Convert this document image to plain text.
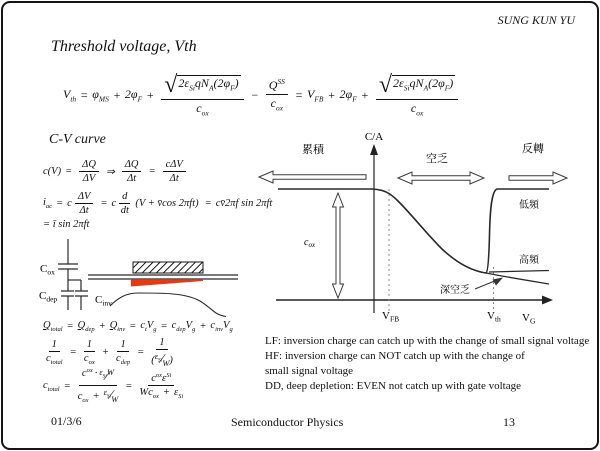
SUNG KUN YU
Threshold voltage, Vth
$V_{th} = \varphi_{MS} + 2\varphi_F + \frac{√ 2\varepsilon_{Si}qN_A(2\varphi_F)}{c_{ox}} - \frac{Q^{SS}}{c_{ox}} = V_{FB} + 2\varphi_F + \frac{√ 2\varepsilon_{Si}qN_A(2\varphi_F)}{c_{ox}}$
C-V curve
$c(V) = \frac{\Delta Q}{\Delta V}$ ⇒ $\frac{\Delta Q}{\Delta t} = \frac{\text{cΔV}}{\Delta t}$
$i_{ac} = c \frac{\Delta V}{\Delta t} = c \frac{d}{dt} (V$ + v̄cos 2πft) = cv̄2πf sin 2πft
= ī sin 2πft
$C_{ox}$
$C_{dep}$	$C_{inv}$
$Q_{total} = Q_{dep} + Q_{inv} = c_tV_g = c_{dep}V_g + c_{inv}V_g$
$\frac{1}{c_{total}} = \frac{1}{c_{ox}} + \frac{1}{c_{dep}} = \frac{1}{(^{\varepsilon_{Si}}∕_W)}$
$c_{total} = \frac{c^{ox} \cdot \varepsilon_{Si} ∕ W}{c_{ox} + ^{\varepsilon_{Si}}∕_W} = \frac{c^{ox} \varepsilon^{Si}}{Wc_{ox} + \varepsilon_{Si}}$
01/3/6
C/A
累積
空乏
反轉
低頻
高頻
深空乏
$c_{ox}$
$V_{FB}$	$V_{th}$ $V_G$
LF: inversion charge can catch up with the change of small signal voltage
HF: inversion charge can NOT catch up with the change of
small signal voltage
DD, deep depletion: EVEN not catch up with gate voltage
Semiconductor Physics	13
